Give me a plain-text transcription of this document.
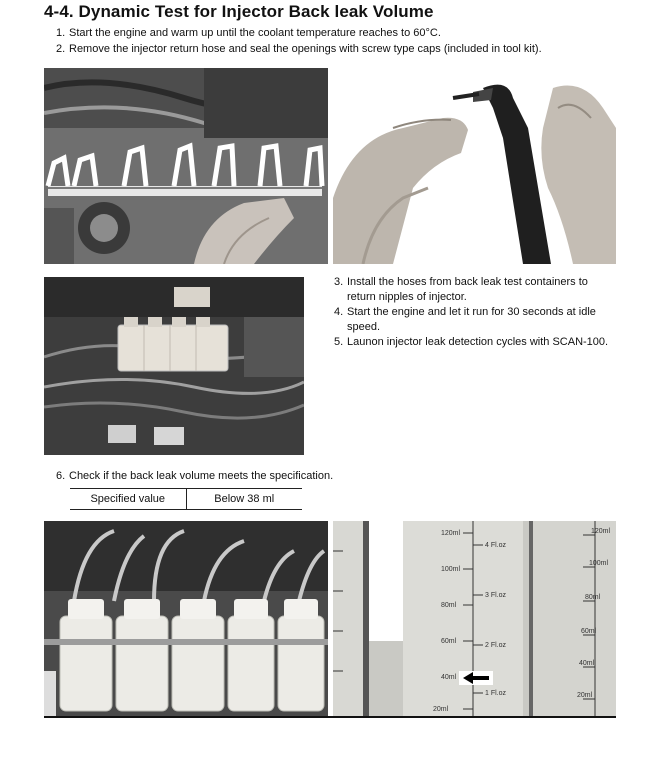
4-4. Dynamic Test for Injector Back leak Volume
1. Start the engine and warm up until the coolant temperature reaches to 60°C.
2. Remove the injector return hose and seal the openings with screw type caps (included in tool kit).
3. Install the hoses from back leak test containers to return nipples of injector.
4. Start the engine and let it run for 30 seconds at idle speed.
5. Launon injector leak detection cycles with SCAN-100.
6. Check if the back leak volume meets the specification.
Specified value	Below 38 ml
120ml
100ml
80ml
60ml
40ml
20ml
4 Fl.oz
3 Fl.oz
2 Fl.oz
1 Fl.oz
120ml
100ml
80ml
60ml
40ml
20ml
